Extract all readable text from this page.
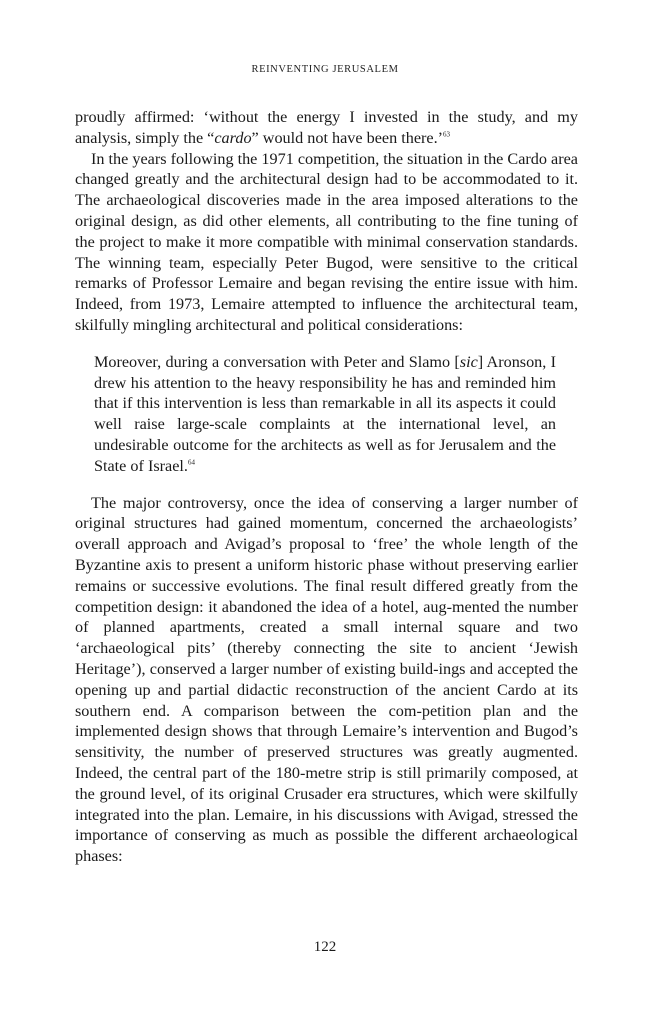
REINVENTING JERUSALEM

proudly affirmed: ‘without the energy I invested in the study, and my analysis, simply the “cardo” would not have been there.’$^{63}$

In the years following the 1971 competition, the situation in the Cardo area changed greatly and the architectural design had to be accommodated to it. The archaeological discoveries made in the area imposed alterations to the original design, as did other elements, all contributing to the fine tuning of the project to make it more compatible with minimal conservation standards. The winning team, especially Peter Bugod, were sensitive to the critical remarks of Professor Lemaire and began revising the entire issue with him. Indeed, from 1973, Lemaire attempted to influence the architectural team, skilfully mingling architectural and political considerations:

Moreover, during a conversation with Peter and Slamo [sic] Aronson, I drew his attention to the heavy responsibility he has and reminded him that if this intervention is less than remarkable in all its aspects it could well raise large-scale complaints at the international level, an undesirable outcome for the architects as well as for Jerusalem and the State of Israel.$^{64}$

The major controversy, once the idea of conserving a larger number of original structures had gained momentum, concerned the archaeologists’ overall approach and Avigad’s proposal to ‘free’ the whole length of the Byzantine axis to present a uniform historic phase without preserving earlier remains or successive evolutions. The final result differed greatly from the competition design: it abandoned the idea of a hotel, aug-mented the number of planned apartments, created a small internal square and two ‘archaeological pits’ (thereby connecting the site to ancient ‘Jewish Heritage’), conserved a larger number of existing build-ings and accepted the opening up and partial didactic reconstruction of the ancient Cardo at its southern end. A comparison between the com-petition plan and the implemented design shows that through Lemaire’s intervention and Bugod’s sensitivity, the number of preserved structures was greatly augmented. Indeed, the central part of the 180-metre strip is still primarily composed, at the ground level, of its original Crusader era structures, which were skilfully integrated into the plan. Lemaire, in his discussions with Avigad, stressed the importance of conserving as much as possible the different archaeological phases:

122
